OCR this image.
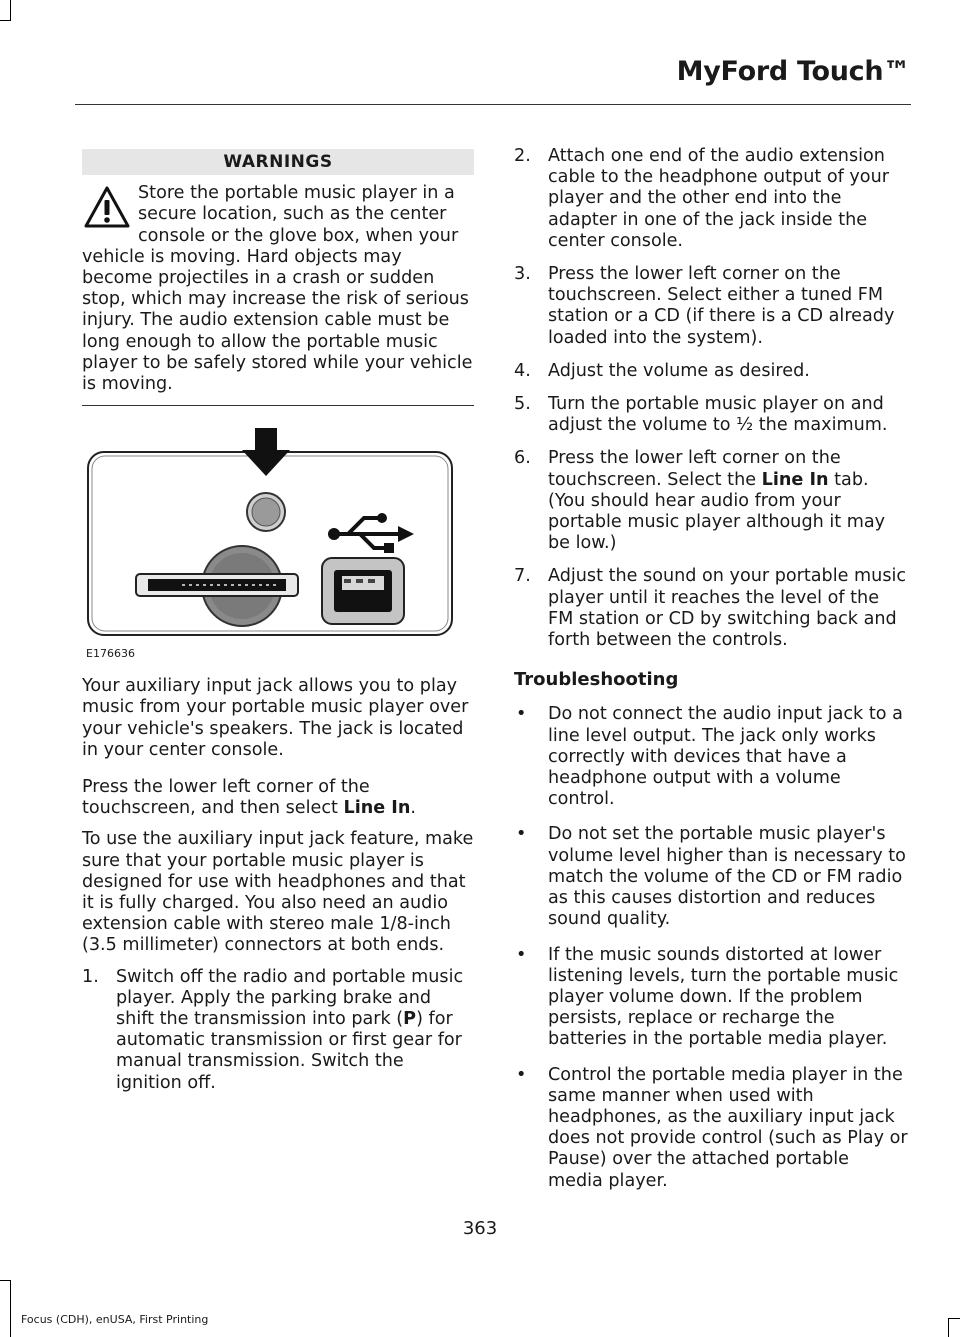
MyFord Touch™
WARNINGS

Store the portable music player in a secure location, such as the center console or the glove box, when your vehicle is moving. Hard objects may become projectiles in a crash or sudden stop, which may increase the risk of serious injury. The audio extension cable must be long enough to allow the portable music player to be safely stored while your vehicle is moving.

E176636

Your auxiliary input jack allows you to play music from your portable music player over your vehicle's speakers. The jack is located in your center console.

Press the lower left corner of the touchscreen, and then select Line In.

To use the auxiliary input jack feature, make sure that your portable music player is designed for use with headphones and that it is fully charged. You also need an audio extension cable with stereo male 1/8-inch (3.5 millimeter) connectors at both ends.

1. Switch off the radio and portable music player. Apply the parking brake and shift the transmission into park (P) for automatic transmission or first gear for manual transmission. Switch the ignition off.
2. Attach one end of the audio extension cable to the headphone output of your player and the other end into the adapter in one of the jack inside the center console.
3. Press the lower left corner on the touchscreen. Select either a tuned FM station or a CD (if there is a CD already loaded into the system).
4. Adjust the volume as desired.
5. Turn the portable music player on and adjust the volume to ½ the maximum.
6. Press the lower left corner on the touchscreen. Select the Line In tab. (You should hear audio from your portable music player although it may be low.)
7. Adjust the sound on your portable music player until it reaches the level of the FM station or CD by switching back and forth between the controls.
Troubleshooting
• Do not connect the audio input jack to a line level output. The jack only works correctly with devices that have a headphone output with a volume control.
• Do not set the portable music player's volume level higher than is necessary to match the volume of the CD or FM radio as this causes distortion and reduces sound quality.
• If the music sounds distorted at lower listening levels, turn the portable music player volume down. If the problem persists, replace or recharge the batteries in the portable media player.
• Control the portable media player in the same manner when used with headphones, as the auxiliary input jack does not provide control (such as Play or Pause) over the attached portable media player.
363
Focus (CDH), enUSA, First Printing
